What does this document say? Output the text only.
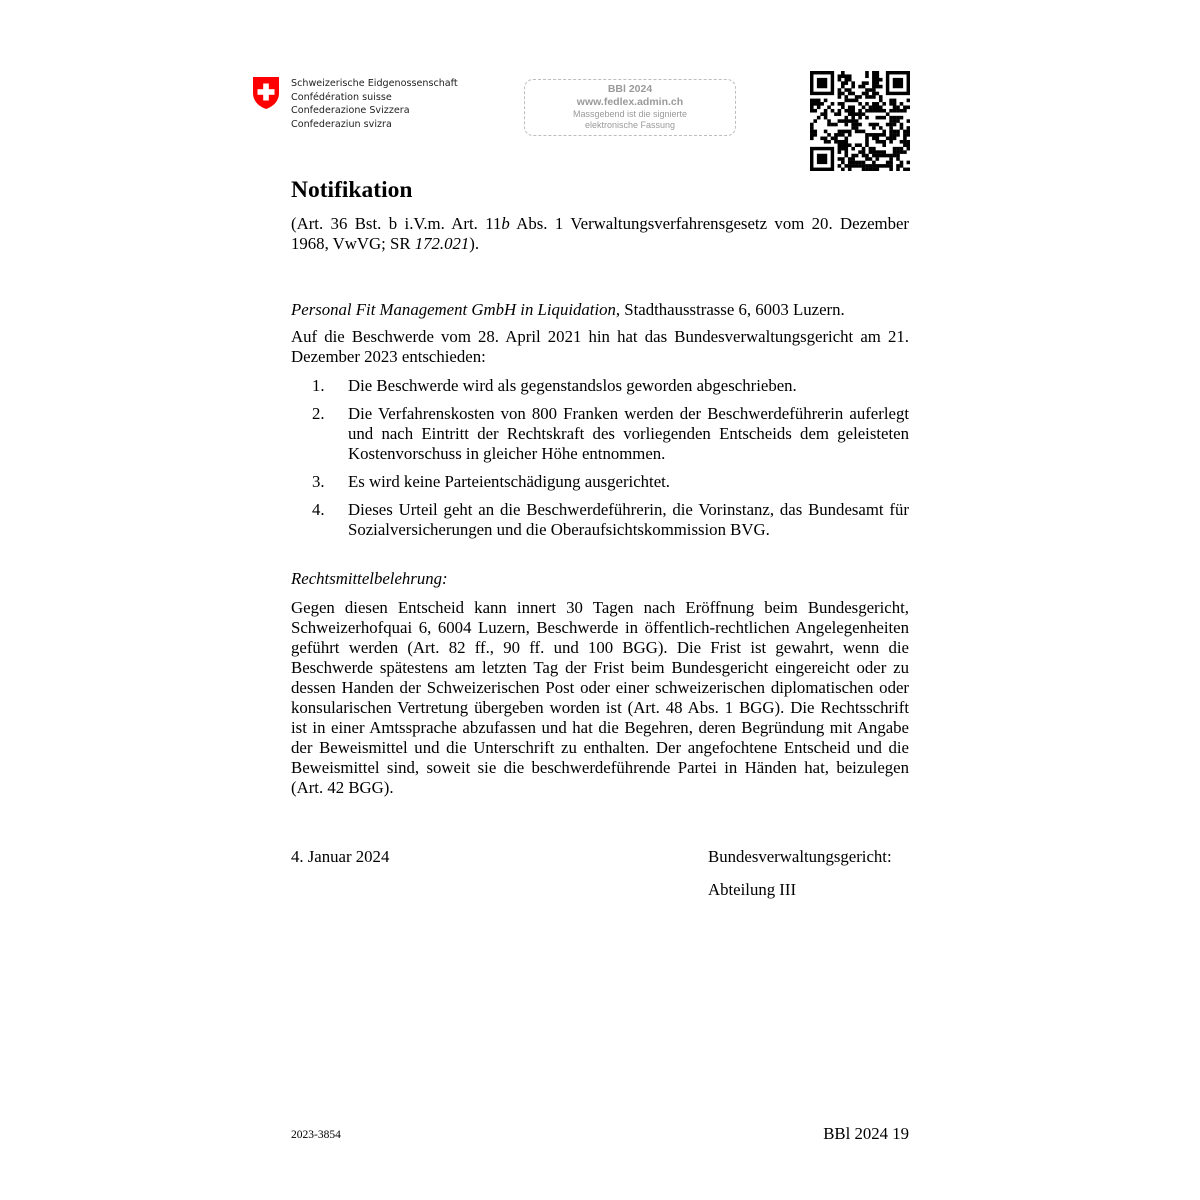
Schweizerische Eidgenossenschaft
Confédération suisse
Confederazione Svizzera
Confederaziun svizra
BBl 2024
www.fedlex.admin.ch
Massgebend ist die signierte
elektronische Fassung
Notifikation
(Art. 36 Bst. b i.V.m. Art. 11b Abs. 1 Verwaltungsverfahrensgesetz vom 20. Dezember 1968, VwVG; SR 172.021).
Personal Fit Management GmbH in Liquidation, Stadthausstrasse 6, 6003 Luzern.
Auf die Beschwerde vom 28. April 2021 hin hat das Bundesverwaltungsgericht am 21. Dezember 2023 entschieden:
1. Die Beschwerde wird als gegenstandslos geworden abgeschrieben.
2. Die Verfahrenskosten von 800 Franken werden der Beschwerdeführerin auferlegt und nach Eintritt der Rechtskraft des vorliegenden Entscheids dem geleisteten Kostenvorschuss in gleicher Höhe entnommen.
3. Es wird keine Parteientschädigung ausgerichtet.
4. Dieses Urteil geht an die Beschwerdeführerin, die Vorinstanz, das Bundesamt für Sozialversicherungen und die Oberaufsichtskommission BVG.
Rechtsmittelbelehrung:
Gegen diesen Entscheid kann innert 30 Tagen nach Eröffnung beim Bundesgericht, Schweizerhofquai 6, 6004 Luzern, Beschwerde in öffentlich-rechtlichen Angelegenheiten geführt werden (Art. 82 ff., 90 ff. und 100 BGG). Die Frist ist gewahrt, wenn die Beschwerde spätestens am letzten Tag der Frist beim Bundesgericht eingereicht oder zu dessen Handen der Schweizerischen Post oder einer schweizerischen diplomatischen oder konsularischen Vertretung übergeben worden ist (Art. 48 Abs. 1 BGG). Die Rechtsschrift ist in einer Amtssprache abzufassen und hat die Begehren, deren Begründung mit Angabe der Beweismittel und die Unterschrift zu enthalten. Der angefochtene Entscheid und die Beweismittel sind, soweit sie die beschwerdeführende Partei in Händen hat, beizulegen (Art. 42 BGG).
4. Januar 2024	Bundesverwaltungsgericht:
Abteilung III
2023-3854	BBl 2024 19
